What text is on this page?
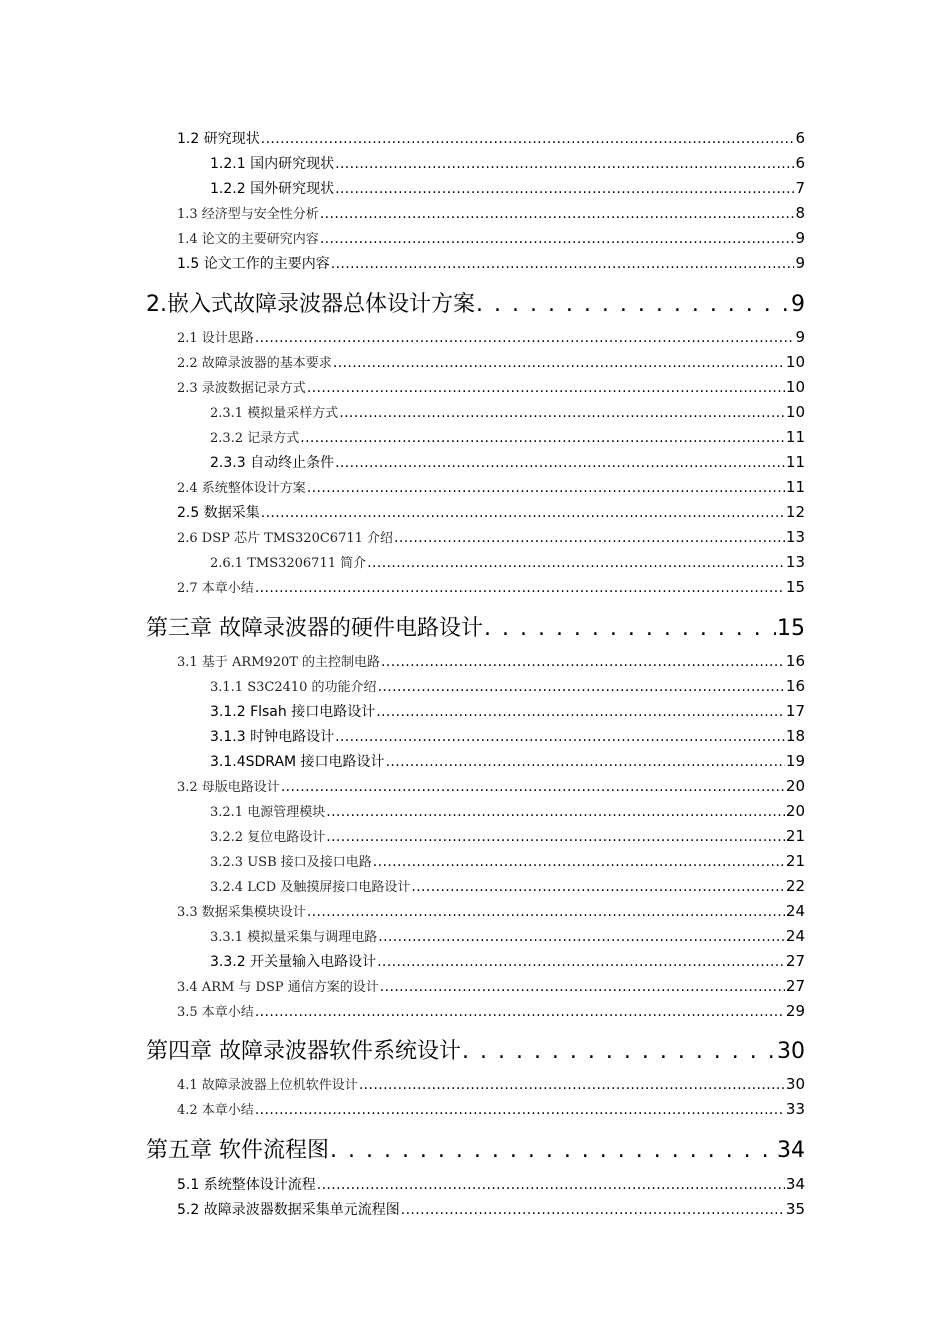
1.2 研究现状 .....	6
1.2.1 国内研究现状 .....	6
1.2.2 国外研究现状 .....	7
1.3 经济型与安全性分析 .....	8
1.4 论文的主要研究内容 .....	9
1.5 论文工作的主要内容 .....	9
2.嵌入式故障录波器总体设计方案 . . .	9
2.1 设计思路 .....	9
2.2 故障录波器的基本要求 .....	10
2.3 录波数据记录方式 .....	10
2.3.1 模拟量采样方式 .....	10
2.3.2 记录方式 .....	11
2.3.3 自动终止条件 .....	11
2.4 系统整体设计方案 .....	11
2.5 数据采集 .....	12
2.6 DSP 芯片 TMS320C6711 介绍 .....	13
2.6.1 TMS3206711 简介 .....	13
2.7 本章小结 .....	15
第三章 故障录波器的硬件电路设计 . . .	15
3.1 基于 ARM920T 的主控制电路 .....	16
3.1.1 S3C2410 的功能介绍 .....	16
3.1.2 Flsah 接口电路设计 .....	17
3.1.3 时钟电路设计 .....	18
3.1.4SDRAM 接口电路设计 .....	19
3.2 母版电路设计 .....	20
3.2.1 电源管理模块 .....	20
3.2.2 复位电路设计 .....	21
3.2.3 USB 接口及接口电路 .....	21
3.2.4 LCD 及触摸屏接口电路设计 .....	22
3.3 数据采集模块设计 .....	24
3.3.1 模拟量采集与调理电路 .....	24
3.3.2 开关量输入电路设计 .....	27
3.4 ARM 与 DSP 通信方案的设计 .....	27
3.5 本章小结 .....	29
第四章 故障录波器软件系统设计 . . .	30
4.1 故障录波器上位机软件设计 .....	30
4.2 本章小结 .....	33
第五章 软件流程图 . . .	34
5.1 系统整体设计流程 .....	34
5.2 故障录波器数据采集单元流程图 .....	35
